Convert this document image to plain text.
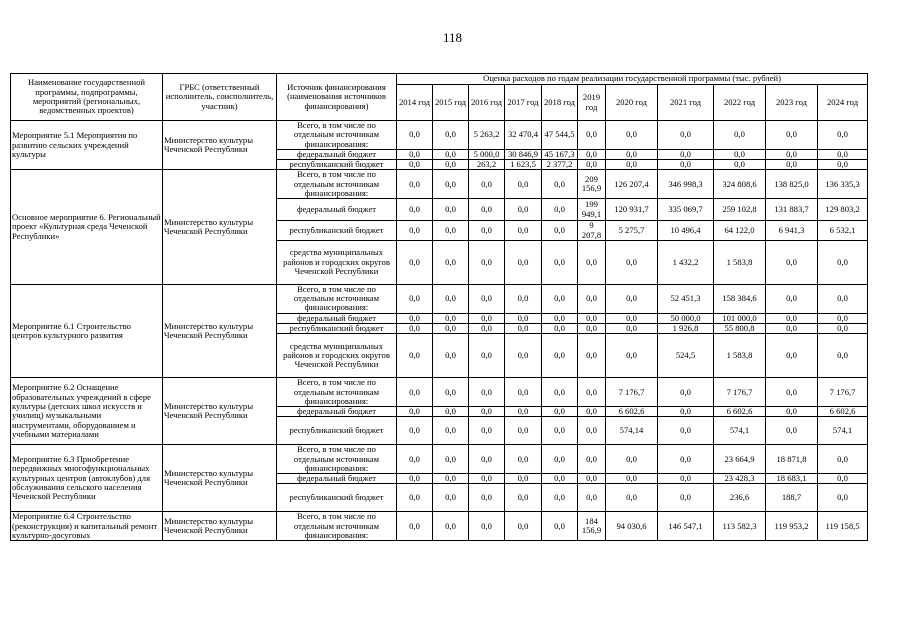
118
Наименование государственной программы, подпрограммы, мероприятий (региональных, ведомственных проектов)	ГРБС (ответственный исполнитель, соисполнитель, участник)	Источник финансирования (наименования источников финансирования)	Оценка расходов по годам реализации государственной программы (тыс. рублей)										
			2014 год	2015 год	2016 год	2017 год	2018 год	2019 год	2020 год	2021 год	2022 год	2023 год	2024 год
Мероприятие 5.1 Мероприятия по развитию сельских учреждений культуры	Министерство культуры Чеченской Республики	Всего, в том числе по отдельным источникам финансирования:	0,0	0,0	5 263,2	32 470,4	47 544,5	0,0	0,0	0,0	0,0	0,0	0,0
		федеральный бюджет	0,0	0,0	5 000,0	30 846,9	45 167,3	0,0	0,0	0,0	0,0	0,0	0,0
		республиканский бюджет	0,0	0,0	263,2	1 623,5	2 377,2	0,0	0,0	0,0	0,0	0,0	0,0
Основное мероприятие 6. Региональный проект «Культурная среда Чеченской Республики»	Министерство культуры Чеченской Республики	Всего, в том числе по отдельным источникам финансирования:	0,0	0,0	0,0	0,0	0,0	209 156,9	126 207,4	346 998,3	324 808,6	138 825,0	136 335,3
		федеральный бюджет	0,0	0,0	0,0	0,0	0,0	199 949,1	120 931,7	335 069,7	259 102,8	131 883,7	129 803,2
		республиканский бюджет	0,0	0,0	0,0	0,0	0,0	9 207,8	5 275,7	10 496,4	64 122,0	6 941,3	6 532,1
		средства муниципальных районов и городских округов Чеченской Республики	0,0	0,0	0,0	0,0	0,0	0,0	0,0	1 432,2	1 583,8	0,0	0,0
Мероприятие 6.1 Строительство центров культурного развития	Министерство культуры Чеченской Республики	Всего, в том числе по отдельным источникам финансирования:	0,0	0,0	0,0	0,0	0,0	0,0	0,0	52 451,3	158 384,6	0,0	0,0
		федеральный бюджет	0,0	0,0	0,0	0,0	0,0	0,0	0,0	50 000,0	101 000,0	0,0	0,0
		республиканский бюджет	0,0	0,0	0,0	0,0	0,0	0,0	0,0	1 926,8	55 800,8	0,0	0,0
		средства муниципальных районов и городских округов Чеченской Республики	0,0	0,0	0,0	0,0	0,0	0,0	0,0	524,5	1 583,8	0,0	0,0
Мероприятие 6.2 Оснащение образовательных учреждений в сфере культуры (детских школ искусств и училищ) музыкальными инструментами, оборудованием и учебными материалами	Министерство культуры Чеченской Республики	Всего, в том числе по отдельным источникам финансирования:	0,0	0,0	0,0	0,0	0,0	0,0	7 176,7	0,0	7 176,7	0,0	7 176,7
		федеральный бюджет	0,0	0,0	0,0	0,0	0,0	0,0	6 602,6	0,0	6 602,6	0,0	6 602,6
		республиканский бюджет	0,0	0,0	0,0	0,0	0,0	0,0	574,14	0,0	574,1	0,0	574,1
Мероприятие 6.3 Приобретение передвижных многофункциональных культурных центров (автоклубов) для обслуживания сельского населения Чеченской Республики	Министерство культуры Чеченской Республики	Всего, в том числе по отдельным источникам финансирования:	0,0	0,0	0,0	0,0	0,0	0,0	0,0	0,0	23 664,9	18 871,8	0,0
		федеральный бюджет	0,0	0,0	0,0	0,0	0,0	0,0	0,0	0,0	23 428,3	18 683,1	0,0
		республиканский бюджет	0,0	0,0	0,0	0,0	0,0	0,0	0,0	0,0	236,6	188,7	0,0
Мероприятие 6.4 Строительство (реконструкция) и капитальный ремонт культурно-досуговых	Министерство культуры Чеченской Республики	Всего, в том числе по отдельным источникам финансирования:	0,0	0,0	0,0	0,0	0,0	184 156,9	94 030,6	146 547,1	113 582,3	119 953,2	119 158,5
